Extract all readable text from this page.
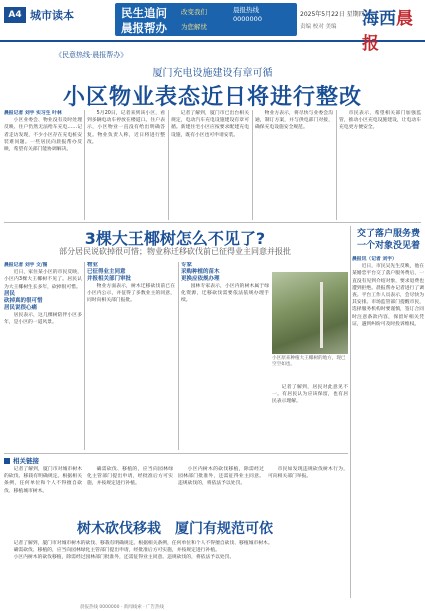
A4 城市读本	民生追问
晨报帮办
改变我们
为您解忧
晨报热线
0000000
2025年5月22日 星期四
责编 校对 美编 海西晨报
《民意热线·晨报帮办》
厦门充电设施建设有章可循
小区物业表态近日将进行整改

晨报记者 刘宇 实习生 叶林

小区业委会、物业没有及时处理反映、住户仍然无法给车充电……记者走访发现，不少小区存在充电桩安装难问题。一些居民向晨报帮办反映，希望有关部门能协调解决。

5月20日，记者来到该小区，看到多辆电动车停放在楼道口。住户表示，小区物业一直没有给出明确答复。物业负责人称，近日将进行整改。

记者了解到，厦门市已出台相关规定，电动汽车充电设施建设有章可循。新建住宅小区应按要求配建充电设施，既有小区也可申请安装。

物业方表示，将尽快与业委会沟通，制订方案，并与供电部门对接，确保充电设施安全规范。

市民表示，希望相关部门加强监管，推动小区充电设施建设，让电动车充电更方便安全。

3棵大王椰树怎么不见了?
部分居民说砍掉很可惜；物业称迁移砍伐前已征得业主同意并报批

晨报记者 刘宇 文/图

近日，家住某小区的市民反映，小区内3棵大王椰树不见了。居民认为大王椰树生长多年，砍掉很可惜。

居民

砍掉真的很可惜

居民说很心痛

居民表示，这几棵树陪伴小区多年，是小区的一道风景。

物业

已征得业主同意

并报相关部门审批

物业方面表示，树木迁移砍伐前已在小区内公示，并征得了多数业主的同意，同时向相关部门报批。

专家

采购种植的苗木

更换应依规办理

园林专家表示，小区内的树木属于绿化资源，迁移砍伐需要依法依规办理手续。

小区原来种植大王椰树的地方，现已空空如也。

记者了解到，居民对此意见不一。有居民认为应该保留，也有居民表示理解。

交了落户服务费
一个对象没见着

晨报讯（记者 刘宇）

近日，市民吴先生反映，他在某婚恋平台交了落户服务费后，一直没有见到介绍对象，要求退费也遭到拒绝。晨报帮办记者进行了调查。平台工作人员表示，会尽快为其安排。市场监管部门提醒市民，选择服务机构时要谨慎，签订合同时注意条款内容，保留好相关凭证，遇到纠纷可及时投诉维权。

相关链接

记者了解到，厦门市对城市树木的砍伐、移栽有明确规定。根据相关条例，任何单位和个人不得擅自砍伐、移植城市树木。

确需砍伐、移植的，应当向园林绿化主管部门提出申请，经批准后方可实施，并按规定进行补植。

小区内树木的砍伐移植，除需经过园林部门批准外，还需征得业主同意。违规砍伐的，将依法予以处罚。

市民如发现违规砍伐树木行为，可向相关部门举报。

树木砍伐移栽　厦门有规范可依

记者了解到，厦门市对城市树木的砍伐、移栽有明确规定。根据相关条例，任何单位和个人不得擅自砍伐、移植城市树木。

确需砍伐、移植的，应当向园林绿化主管部门提出申请，经批准后方可实施，并按规定进行补植。

小区内树木的砍伐移植，除需经过园林部门批准外，还需征得业主同意。违规砍伐的，将依法予以处罚。

晨报热线 0000000 · 新闻线索 · 广告热线
